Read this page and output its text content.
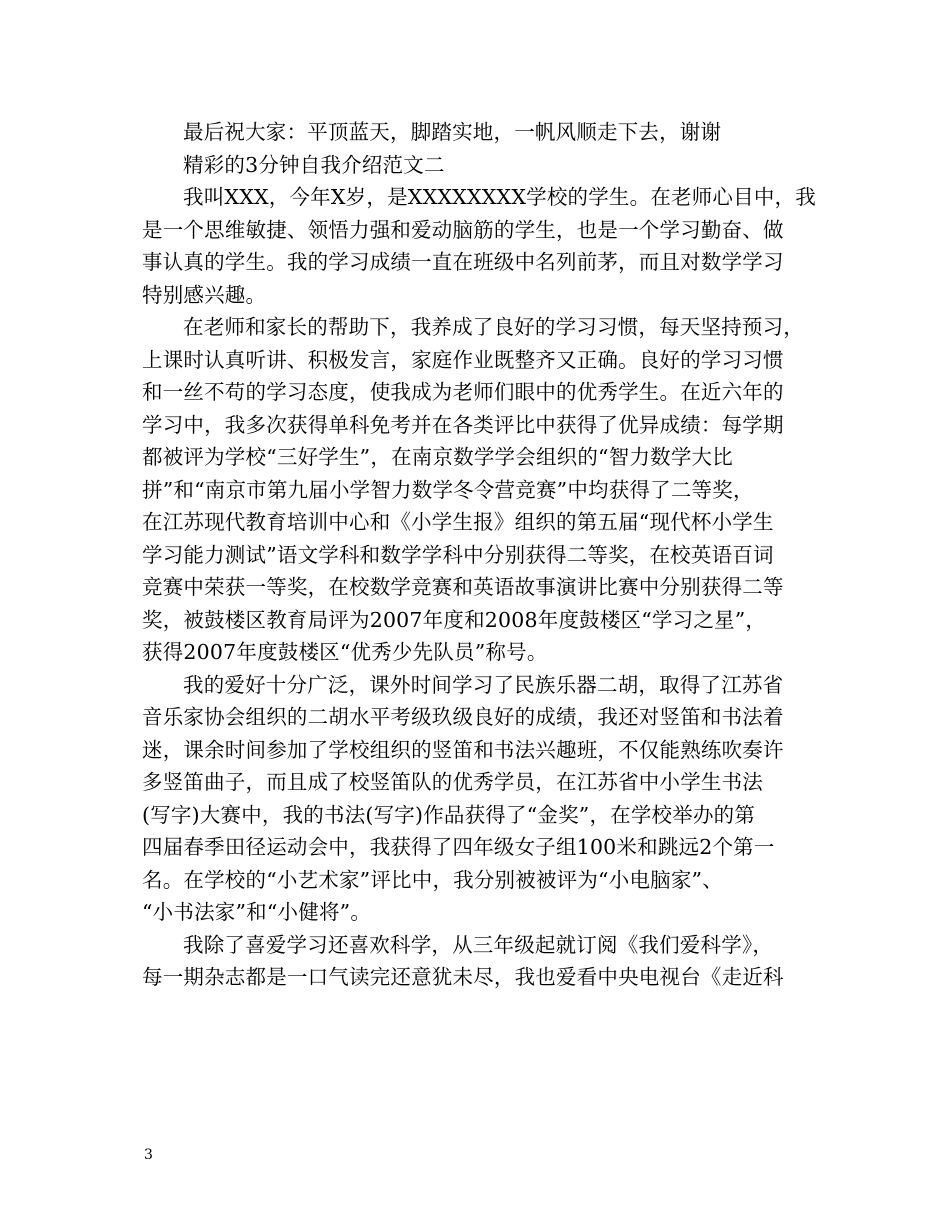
最后祝大家：平顶蓝天，脚踏实地，一帆风顺走下去，谢谢
精彩的3分钟自我介绍范文二
我叫XXX，今年X岁，是XXXXXXXX学校的学生。在老师心目中，我
是一个思维敏捷、领悟力强和爱动脑筋的学生，也是一个学习勤奋、做
事认真的学生。我的学习成绩一直在班级中名列前茅，而且对数学学习
特别感兴趣。
在老师和家长的帮助下，我养成了良好的学习习惯，每天坚持预习，
上课时认真听讲、积极发言，家庭作业既整齐又正确。良好的学习习惯
和一丝不苟的学习态度，使我成为老师们眼中的优秀学生。在近六年的
学习中，我多次获得单科免考并在各类评比中获得了优异成绩：每学期
都被评为学校“三好学生”，在南京数学学会组织的“智力数学大比
拼”和“南京市第九届小学智力数学冬令营竞赛”中均获得了二等奖，
在江苏现代教育培训中心和《小学生报》组织的第五届“现代杯小学生
学习能力测试”语文学科和数学学科中分别获得二等奖，在校英语百词
竞赛中荣获一等奖，在校数学竞赛和英语故事演讲比赛中分别获得二等
奖，被鼓楼区教育局评为2007年度和2008年度鼓楼区“学习之星”，
获得2007年度鼓楼区“优秀少先队员”称号。
我的爱好十分广泛，课外时间学习了民族乐器二胡，取得了江苏省
音乐家协会组织的二胡水平考级玖级良好的成绩，我还对竖笛和书法着
迷，课余时间参加了学校组织的竖笛和书法兴趣班，不仅能熟练吹奏许
多竖笛曲子，而且成了校竖笛队的优秀学员，在江苏省中小学生书法
(写字)大赛中，我的书法(写字)作品获得了“金奖”，在学校举办的第
四届春季田径运动会中，我获得了四年级女子组100米和跳远2个第一
名。在学校的“小艺术家”评比中，我分别被被评为“小电脑家”、
“小书法家”和“小健将”。
我除了喜爱学习还喜欢科学，从三年级起就订阅《我们爱科学》，
每一期杂志都是一口气读完还意犹未尽，我也爱看中央电视台《走近科
3
